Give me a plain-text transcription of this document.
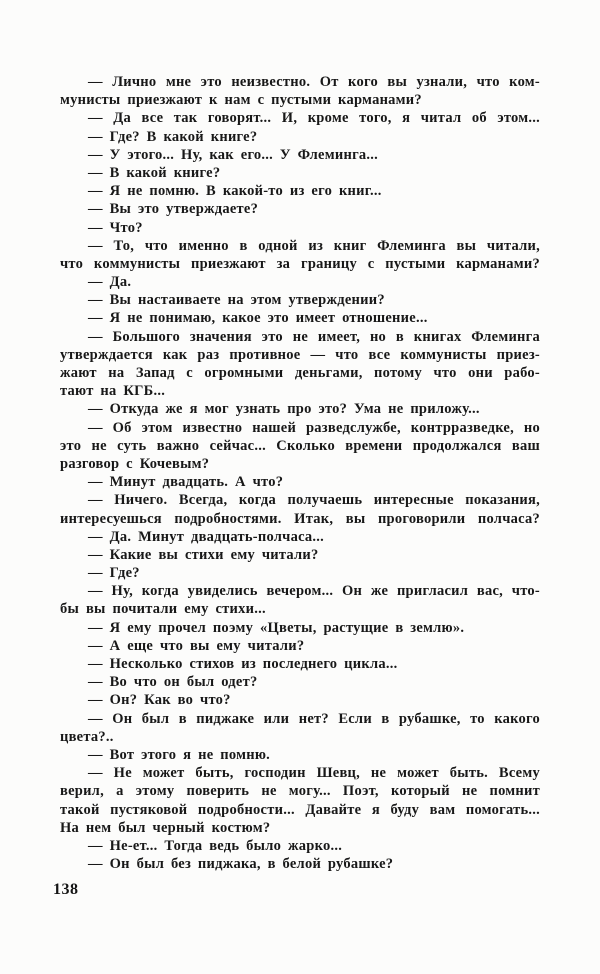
— Лично мне это неизвестно. От кого вы узнали, что ком-
мунисты приезжают к нам с пустыми карманами?
— Да все так говорят... И, кроме того, я читал об этом...
— Где? В какой книге?
— У этого... Ну, как его... У Флеминга...
— В какой книге?
— Я не помню. В какой-то из его книг...
— Вы это утверждаете?
— Что?
— То, что именно в одной из книг Флеминга вы читали,
что коммунисты приезжают за границу с пустыми карманами?
— Да.
— Вы настаиваете на этом утверждении?
— Я не понимаю, какое это имеет отношение...
— Большого значения это не имеет, но в книгах Флеминга
утверждается как раз противное — что все коммунисты приез-
жают на Запад с огромными деньгами, потому что они рабо-
тают на КГБ...
— Откуда же я мог узнать про это? Ума не приложу...
— Об этом известно нашей разведслужбе, контрразведке, но
это не суть важно сейчас... Сколько времени продолжался ваш
разговор с Кочевым?
— Минут двадцать. А что?
— Ничего. Всегда, когда получаешь интересные показания,
интересуешься подробностями. Итак, вы проговорили полчаса?
— Да. Минут двадцать-полчаса...
— Какие вы стихи ему читали?
— Где?
— Ну, когда увиделись вечером... Он же пригласил вас, что-
бы вы почитали ему стихи...
— Я ему прочел поэму «Цветы, растущие в землю».
— А еще что вы ему читали?
— Несколько стихов из последнего цикла...
— Во что он был одет?
— Он? Как во что?
— Он был в пиджаке или нет? Если в рубашке, то какого
цвета?..
— Вот этого я не помню.
— Не может быть, господин Шевц, не может быть. Всему
верил, а этому поверить не могу... Поэт, который не помнит
такой пустяковой подробности... Давайте я буду вам помогать...
На нем был черный костюм?
— Не-ет... Тогда ведь было жарко...
— Он был без пиджака, в белой рубашке?
138
